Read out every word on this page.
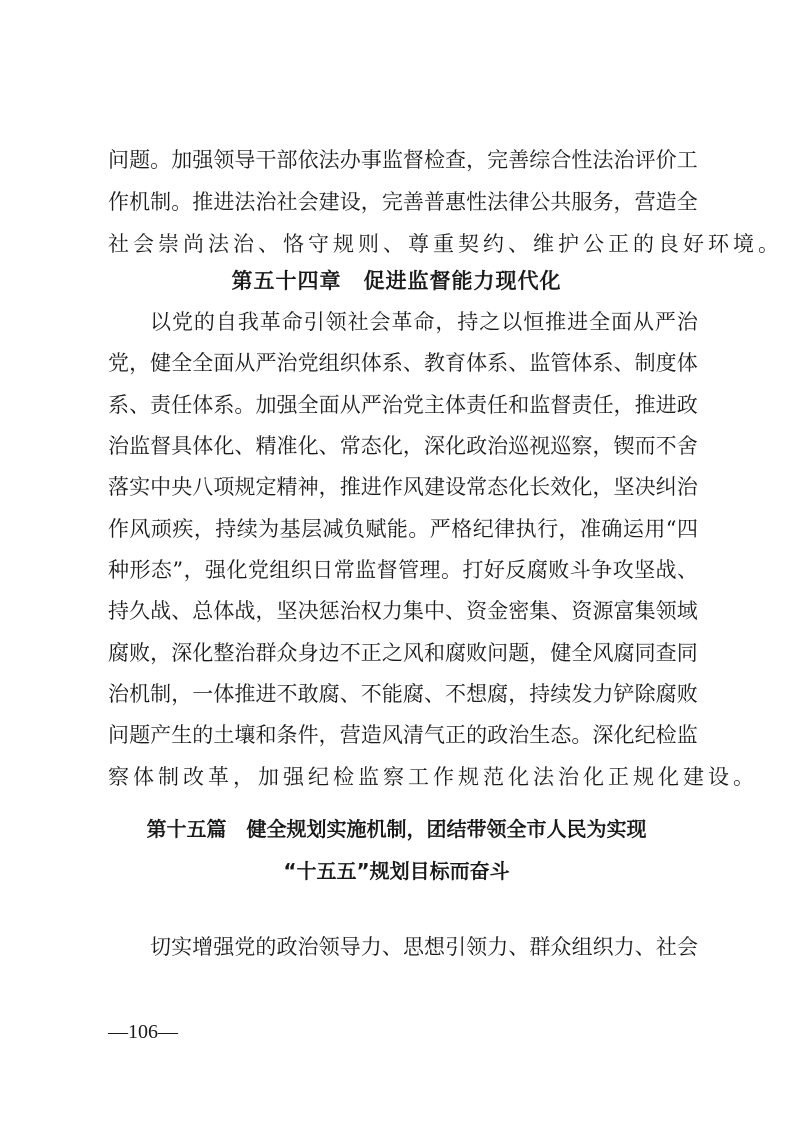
问 题 。 加 强 领 导 干 部 依 法 办 事 监 督 检 查 ， 完 善 综 合 性 法 治 评 价 工
作 机 制 。 推 进 法 治 社 会 建 设 ， 完 善 普 惠 性 法 律 公 共 服 务 ， 营 造 全
社 会 崇 尚 法 治 、 恪 守 规 则 、 尊 重 契 约 、 维 护 公 正 的 良 好 环 境 。
第五十四章　促进监督能力现代化
以 党 的 自 我 革 命 引 领 社 会 革 命 ， 持 之 以 恒 推 进 全 面 从 严 治
党 ， 健 全 全 面 从 严 治 党 组 织 体 系 、 教 育 体 系 、 监 管 体 系 、 制 度 体
系 、 责 任 体 系 。 加 强 全 面 从 严 治 党 主 体 责 任 和 监 督 责 任 ， 推 进 政
治 监 督 具 体 化 、 精 准 化 、 常 态 化 ， 深 化 政 治 巡 视 巡 察 ， 锲 而 不 舍
落 实 中 央 八 项 规 定 精 神 ， 推 进 作 风 建 设 常 态 化 长 效 化 ， 坚 决 纠 治
作 风 顽 疾 ， 持 续 为 基 层 减 负 赋 能 。 严 格 纪 律 执 行 ， 准 确 运 用 “ 四
种 形 态 ” ， 强 化 党 组 织 日 常 监 督 管 理 。 打 好 反 腐 败 斗 争 攻 坚 战 、
持 久 战 、 总 体 战 ， 坚 决 惩 治 权 力 集 中 、 资 金 密 集 、 资 源 富 集 领 域
腐 败 ， 深 化 整 治 群 众 身 边 不 正 之 风 和 腐 败 问 题 ， 健 全 风 腐 同 查 同
治 机 制 ， 一 体 推 进 不 敢 腐 、 不 能 腐 、 不 想 腐 ， 持 续 发 力 铲 除 腐 败
问 题 产 生 的 土 壤 和 条 件 ， 营 造 风 清 气 正 的 政 治 生 态 。 深 化 纪 检 监
察 体 制 改 革 ， 加 强 纪 检 监 察 工 作 规 范 化 法 治 化 正 规 化 建 设 。
第十五篇　健全规划实施机制，团结带领全市人民为实现
“十五五”规划目标而奋斗
切 实 增 强 党 的 政 治 领 导 力 、 思 想 引 领 力 、 群 众 组 织 力 、 社 会
—106—
